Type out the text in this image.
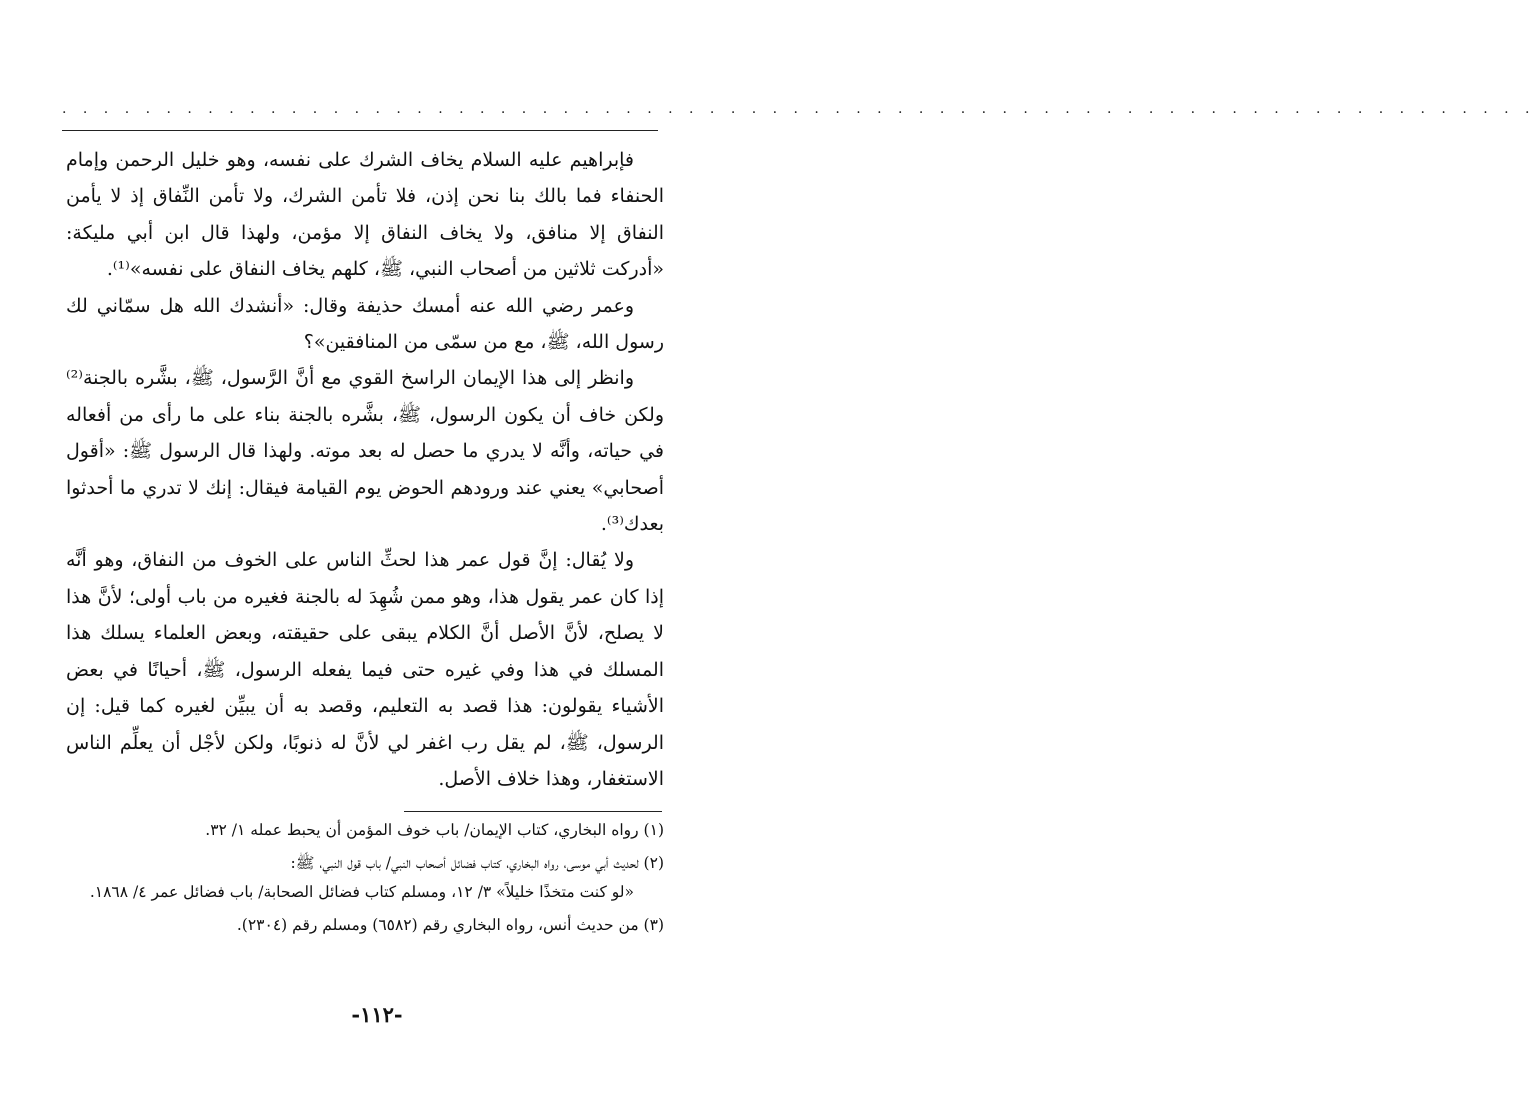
. . . . . . . . . . . . . . . . . . . . . . . . . . . . . . . . . . . . . . . . . . . . . . . . . . . . . . . . . . . . . . . . . . . . . . .

فإبراهيم عليه السلام يخاف الشرك على نفسه، وهو خليل الرحمن وإمام الحنفاء فما بالك بنا نحن إذن، فلا تأمن الشرك، ولا تأمن النِّفاق إذ لا يأمن النفاق إلا منافق، ولا يخاف النفاق إلا مؤمن، ولهذا قال ابن أبي مليكة: «أدركت ثلاثين من أصحاب النبي، ﷺ، كلهم يخاف النفاق على نفسه»⁽¹⁾.

وعمر رضي الله عنه أمسك حذيفة وقال: «أنشدك الله هل سمّاني لك رسول الله، ﷺ، مع من سمّى من المنافقين»؟

وانظر إلى هذا الإيمان الراسخ القوي مع أنَّ الرَّسول، ﷺ، بشَّره بالجنة⁽²⁾ ولكن خاف أن يكون الرسول، ﷺ، بشَّره بالجنة بناء على ما رأى من أفعاله في حياته، وأنَّه لا يدري ما حصل له بعد موته. ولهذا قال الرسول ﷺ: «أقول أصحابي» يعني عند ورودهم الحوض يوم القيامة فيقال: إنك لا تدري ما أحدثوا بعدك⁽³⁾.

ولا يُقال: إنَّ قول عمر هذا لحثِّ الناس على الخوف من النفاق، وهو أنَّه إذا كان عمر يقول هذا، وهو ممن شُهِدَ له بالجنة فغيره من باب أولى؛ لأنَّ هذا لا يصلح، لأنَّ الأصل أنَّ الكلام يبقى على حقيقته، وبعض العلماء يسلك هذا المسلك في هذا وفي غيره حتى فيما يفعله الرسول، ﷺ، أحيانًا في بعض الأشياء يقولون: هذا قصد به التعليم، وقصد به أن يبيِّن لغيره كما قيل: إن الرسول، ﷺ، لم يقل رب اغفر لي لأنَّ له ذنوبًا، ولكن لأجْل أن يعلِّم الناس الاستغفار، وهذا خلاف الأصل.

(١) رواه البخاري، كتاب الإيمان/ باب خوف المؤمن أن يحبط عمله ١/ ٣٢.

(٢) لحديث أبي موسى، رواه البخاري، كتاب فضائل أصحاب النبي/ باب قول النبي، ﷺ:

«لو كنت متخذًا خليلاً» ٣/ ١٢، ومسلم كتاب فضائل الصحابة/ باب فضائل عمر ٤/ ١٨٦٨.

(٣) من حديث أنس، رواه البخاري رقم (٦٥٨٢) ومسلم رقم (٢٣٠٤).

-١١٢-
